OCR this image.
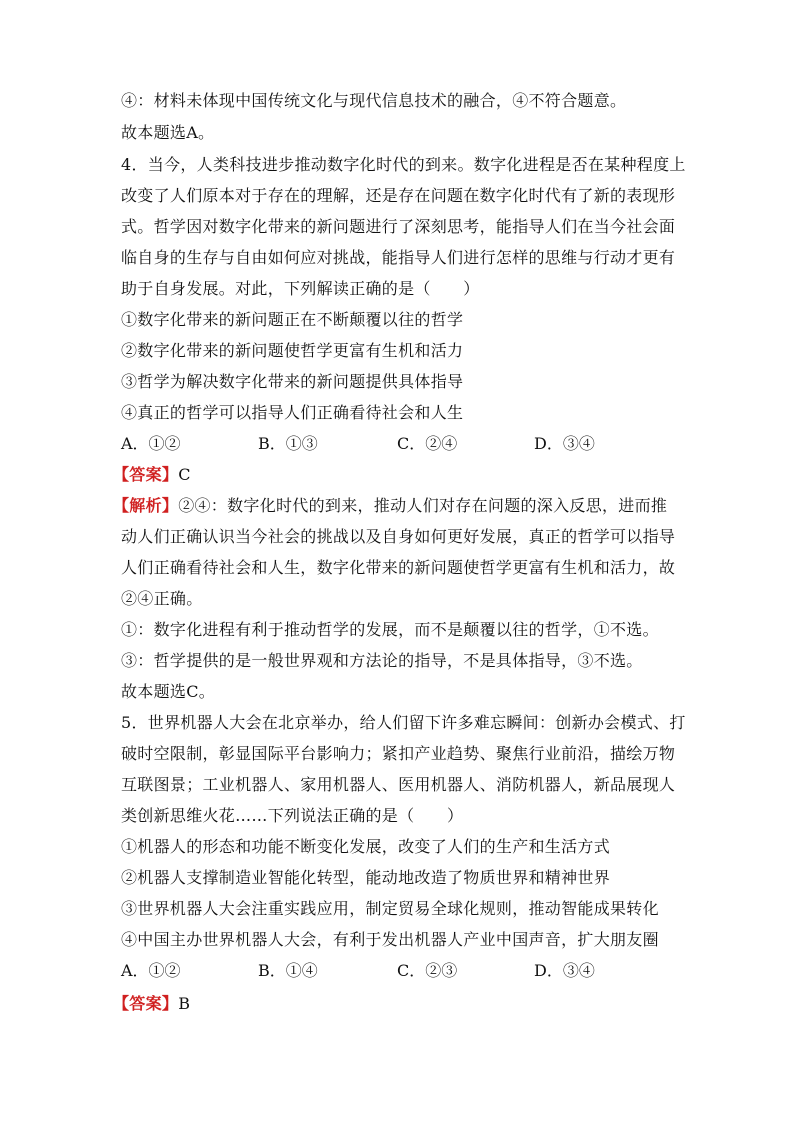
④：材料未体现中国传统文化与现代信息技术的融合，④不符合题意。
故本题选A。
4．当今，人类科技进步推动数字化时代的到来。数字化进程是否在某种程度上
改变了人们原本对于存在的理解，还是存在问题在数字化时代有了新的表现形
式。哲学因对数字化带来的新问题进行了深刻思考，能指导人们在当今社会面
临自身的生存与自由如何应对挑战，能指导人们进行怎样的思维与行动才更有
助于自身发展。对此，下列解读正确的是（　　）
①数字化带来的新问题正在不断颠覆以往的哲学
②数字化带来的新问题使哲学更富有生机和活力
③哲学为解决数字化带来的新问题提供具体指导
④真正的哲学可以指导人们正确看待社会和人生
A．①②	B．①③	C．②④	D．③④
【答案】C
【解析】②④：数字化时代的到来，推动人们对存在问题的深入反思，进而推
动人们正确认识当今社会的挑战以及自身如何更好发展，真正的哲学可以指导
人们正确看待社会和人生，数字化带来的新问题使哲学更富有生机和活力，故
②④正确。
①：数字化进程有利于推动哲学的发展，而不是颠覆以往的哲学，①不选。
③：哲学提供的是一般世界观和方法论的指导，不是具体指导，③不选。
故本题选C。
5．世界机器人大会在北京举办，给人们留下许多难忘瞬间：创新办会模式、打
破时空限制，彰显国际平台影响力；紧扣产业趋势、聚焦行业前沿，描绘万物
互联图景；工业机器人、家用机器人、医用机器人、消防机器人，新品展现人
类创新思维火花……下列说法正确的是（　　）
①机器人的形态和功能不断变化发展，改变了人们的生产和生活方式
②机器人支撑制造业智能化转型，能动地改造了物质世界和精神世界
③世界机器人大会注重实践应用，制定贸易全球化规则，推动智能成果转化
④中国主办世界机器人大会，有利于发出机器人产业中国声音，扩大朋友圈
A．①②	B．①④	C．②③	D．③④
【答案】B
